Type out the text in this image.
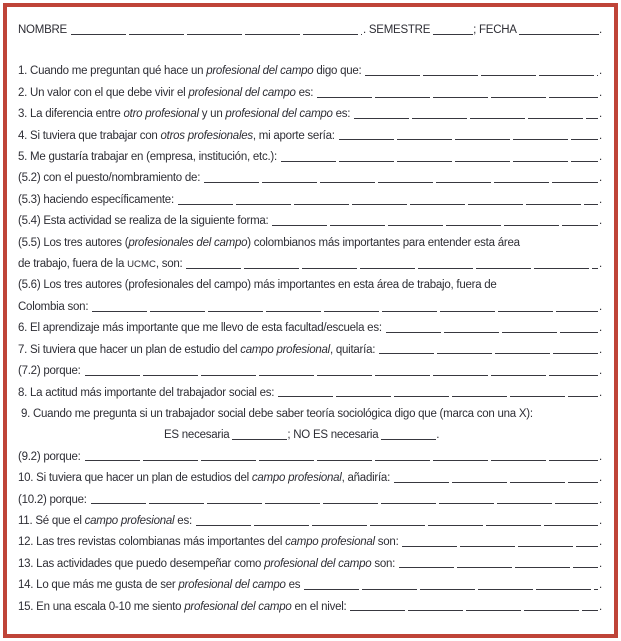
NOMBRE	. SEMESTRE	; FECHA	.
1. Cuando me preguntan qué hace un profesional del campo digo que:	.
2. Un valor con el que debe vivir el profesional del campo es:	.
3. La diferencia entre otro profesional y un profesional del campo es:	.
4. Si tuviera que trabajar con otros profesionales , mi aporte sería:	.
5. Me gustaría trabajar en (empresa, institución, etc.):	.
(5.2) con el puesto/nombramiento de:	.
(5.3) haciendo específicamente:	.
(5.4) Esta actividad se realiza de la siguiente forma:	.
(5.5) Los tres autores ( profesionales del campo ) colombianos más importantes para entender esta área
de trabajo, fuera de la UCMC , son:	.
(5.6) Los tres autores (profesionales del campo) más importantes en esta área de trabajo, fuera de
Colombia son:	.
6. El aprendizaje más importante que me llevo de esta facultad/escuela es:	.
7. Si tuviera que hacer un plan de estudio del campo profesional , quitaría:	.
(7.2) porque:	.
8. La actitud más importante del trabajador social es:	.
9. Cuando me pregunta si un trabajador social debe saber teoría sociológica digo que (marca con una X):
ES necesaria	; NO ES necesaria	.
(9.2) porque:	.
10. Si tuviera que hacer un plan de estudios del campo profesional , añadiría:	.
(10.2) porque:	.
11. Sé que el campo profesional es:	.
12. Las tres revistas colombianas más importantes del campo profesional son:	.
13. Las actividades que puedo desempeñar como profesional del campo son:	.
14. Lo que más me gusta de ser profesional del campo es	.
15. En una escala 0-10 me siento profesional del campo en el nivel:	.
